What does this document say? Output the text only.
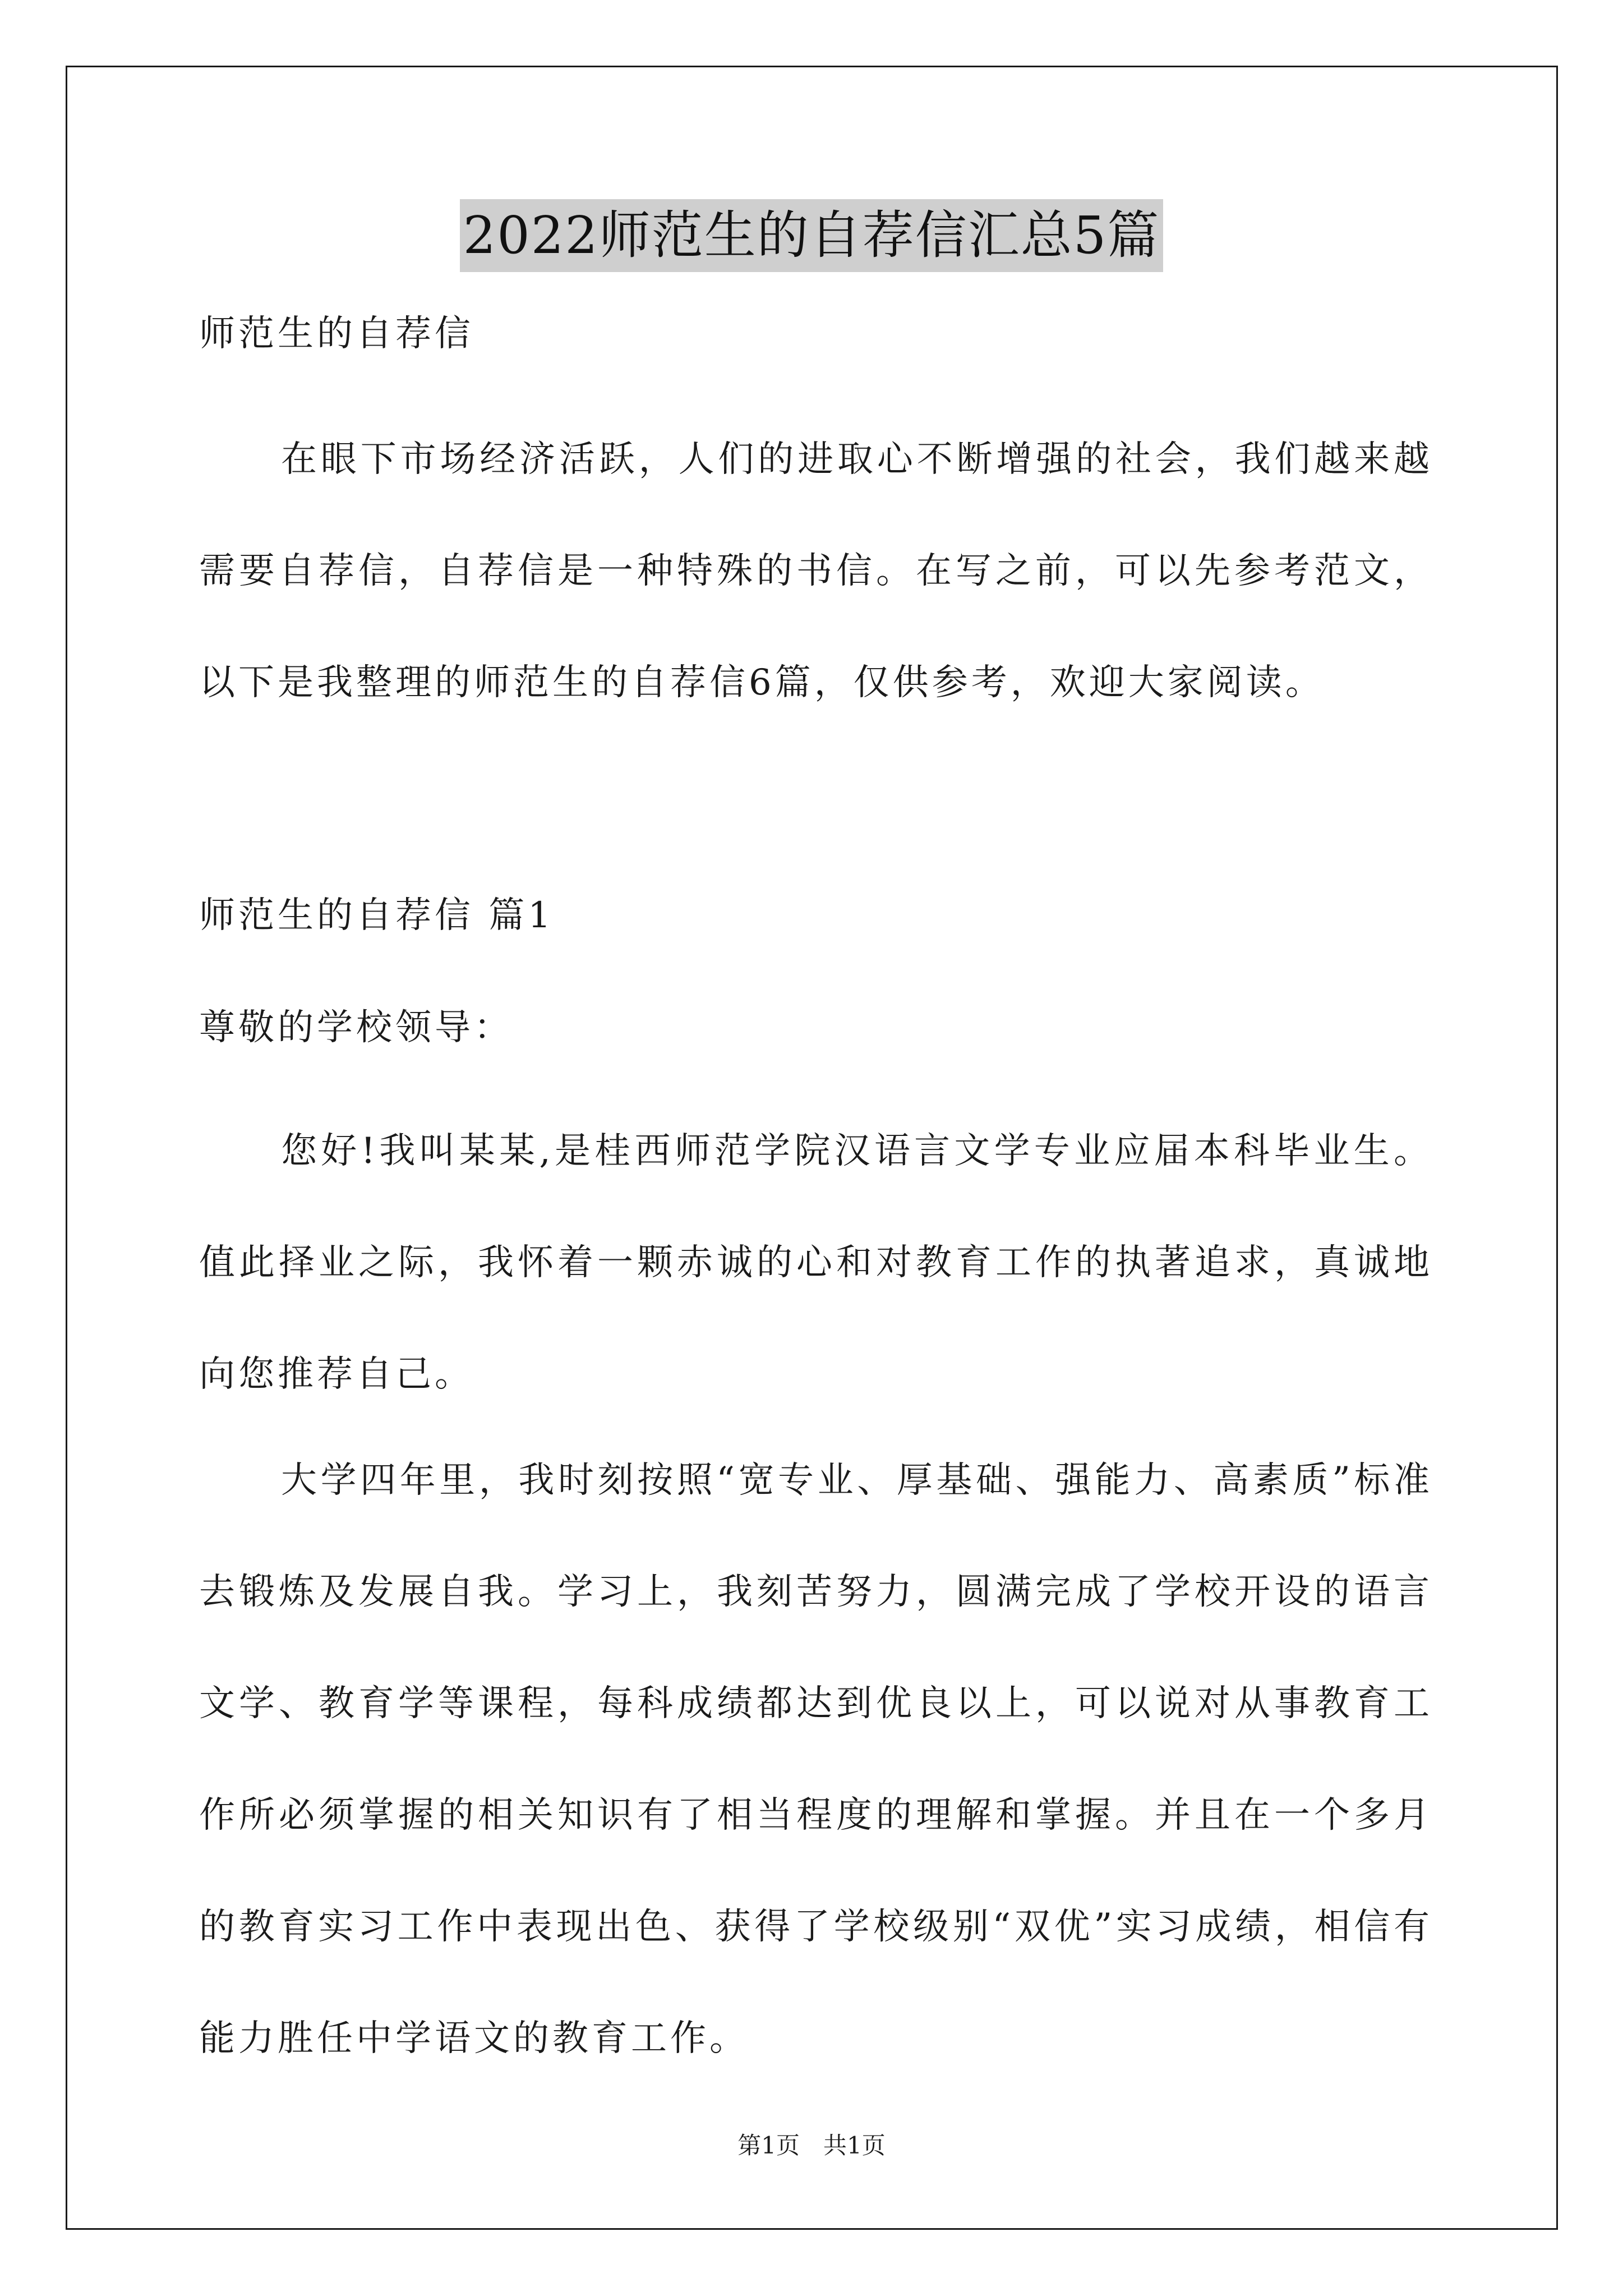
2022师范生的自荐信汇总5篇
师范生的自荐信
在眼下市场经济活跃，人们的进取心不断增强的社会，我们越来越需要自荐信，自荐信是一种特殊的书信。在写之前，可以先参考范文，以下是我整理的师范生的自荐信6篇，仅供参考，欢迎大家阅读。
师范生的自荐信 篇1
尊敬的学校领导：
您好!我叫某某,是桂西师范学院汉语言文学专业应届本科毕业生。值此择业之际，我怀着一颗赤诚的心和对教育工作的执著追求，真诚地向您推荐自己。
大学四年里，我时刻按照“宽专业、厚基础、强能力、高素质”标准去锻炼及发展自我。学习上，我刻苦努力，圆满完成了学校开设的语言文学、教育学等课程，每科成绩都达到优良以上，可以说对从事教育工作所必须掌握的相关知识有了相当程度的理解和掌握。并且在一个多月的教育实习工作中表现出色、获得了学校级别“双优”实习成绩，相信有能力胜任中学语文的教育工作。
第1页　共1页
